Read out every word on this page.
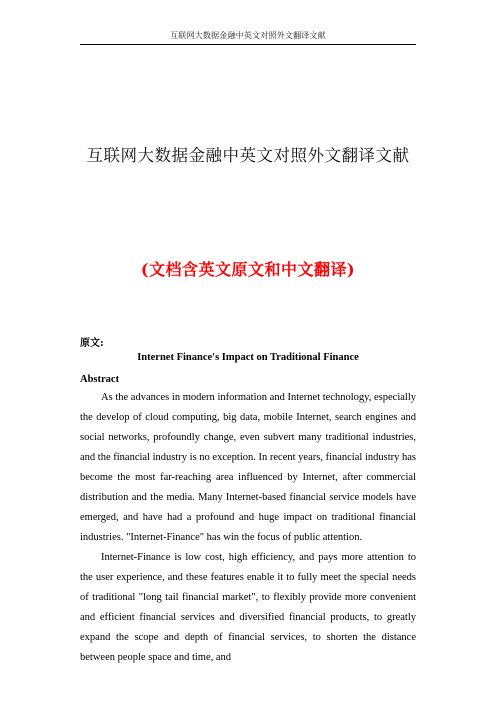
互联网大数据金融中英文对照外文翻译文献
互联网大数据金融中英文对照外文翻译文献
(文档含英文原文和中文翻译)
原文:
Internet Finance's Impact on Traditional Finance
Abstract

As the advances in modern information and Internet technology, especially the develop of cloud computing, big data, mobile Internet, search engines and social networks, profoundly change, even subvert many traditional industries, and the financial industry is no exception. In recent years, financial industry has become the most far-reaching area influenced by Internet, after commercial distribution and the media. Many Internet-based financial service models have emerged, and have had a profound and huge impact on traditional financial industries. "Internet-Finance" has win the focus of public attention.

Internet-Finance is low cost, high efficiency, and pays more attention to the user experience, and these features enable it to fully meet the special needs of traditional "long tail financial market", to flexibly provide more convenient and efficient financial services and diversified financial products, to greatly expand the scope and depth of financial services, to shorten the distance between people space and time, and
